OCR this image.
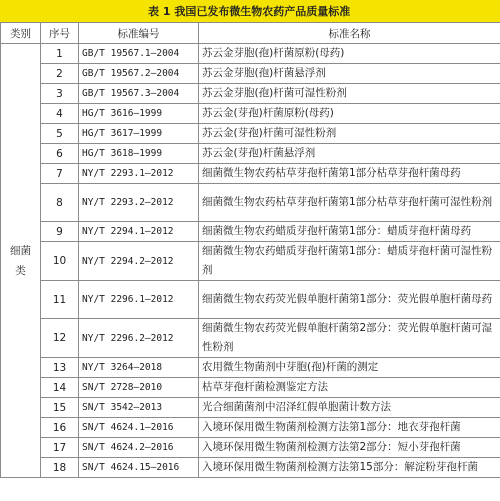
表 1 我国已发布微生物农药产品质量标准
类别	序号	标准编号	标准名称
细菌类	1	GB/T 19567.1—2004	苏云金芽胞(孢)杆菌原粉(母药)
	2	GB/T 19567.2—2004	苏云金芽胞(孢)杆菌悬浮剂
	3	GB/T 19567.3—2004	苏云金芽胞(孢)杆菌可湿性粉剂
	4	HG/T 3616—1999	苏云金(芽孢)杆菌原粉(母药)
	5	HG/T 3617—1999	苏云金(芽孢)杆菌可湿性粉剂
	6	HG/T 3618—1999	苏云金(芽孢)杆菌悬浮剂
	7	NY/T 2293.1—2012	细菌微生物农药枯草芽孢杆菌第1部分枯草芽孢杆菌母药
	8	NY/T 2293.2—2012	细菌微生物农药枯草芽孢杆菌第1部分枯草芽孢杆菌可湿性粉剂
	9	NY/T 2294.1—2012	细菌微生物农药蜡质芽孢杆菌第1部分：蜡质芽孢杆菌母药
	10	NY/T 2294.2—2012	细菌微生物农药蜡质芽孢杆菌第1部分：蜡质芽孢杆菌可湿性粉剂
	11	NY/T 2296.1—2012	细菌微生物农药荧光假单胞杆菌第1部分：荧光假单胞杆菌母药
	12	NY/T 2296.2—2012	细菌微生物农药荧光假单胞杆菌第2部分：荧光假单胞杆菌可湿性粉剂
	13	NY/T 3264—2018	农用微生物菌剂中芽胞(孢)杆菌的测定
	14	SN/T 2728—2010	枯草芽孢杆菌检测鉴定方法
	15	SN/T 3542—2013	光合细菌菌剂中沼泽红假单胞菌计数方法
	16	SN/T 4624.1—2016	入境环保用微生物菌剂检测方法第1部分：地衣芽孢杆菌
	17	SN/T 4624.2—2016	入境环保用微生物菌剂检测方法第2部分：短小芽孢杆菌
	18	SN/T 4624.15—2016	入境环保用微生物菌剂检测方法第15部分：解淀粉芽孢杆菌
